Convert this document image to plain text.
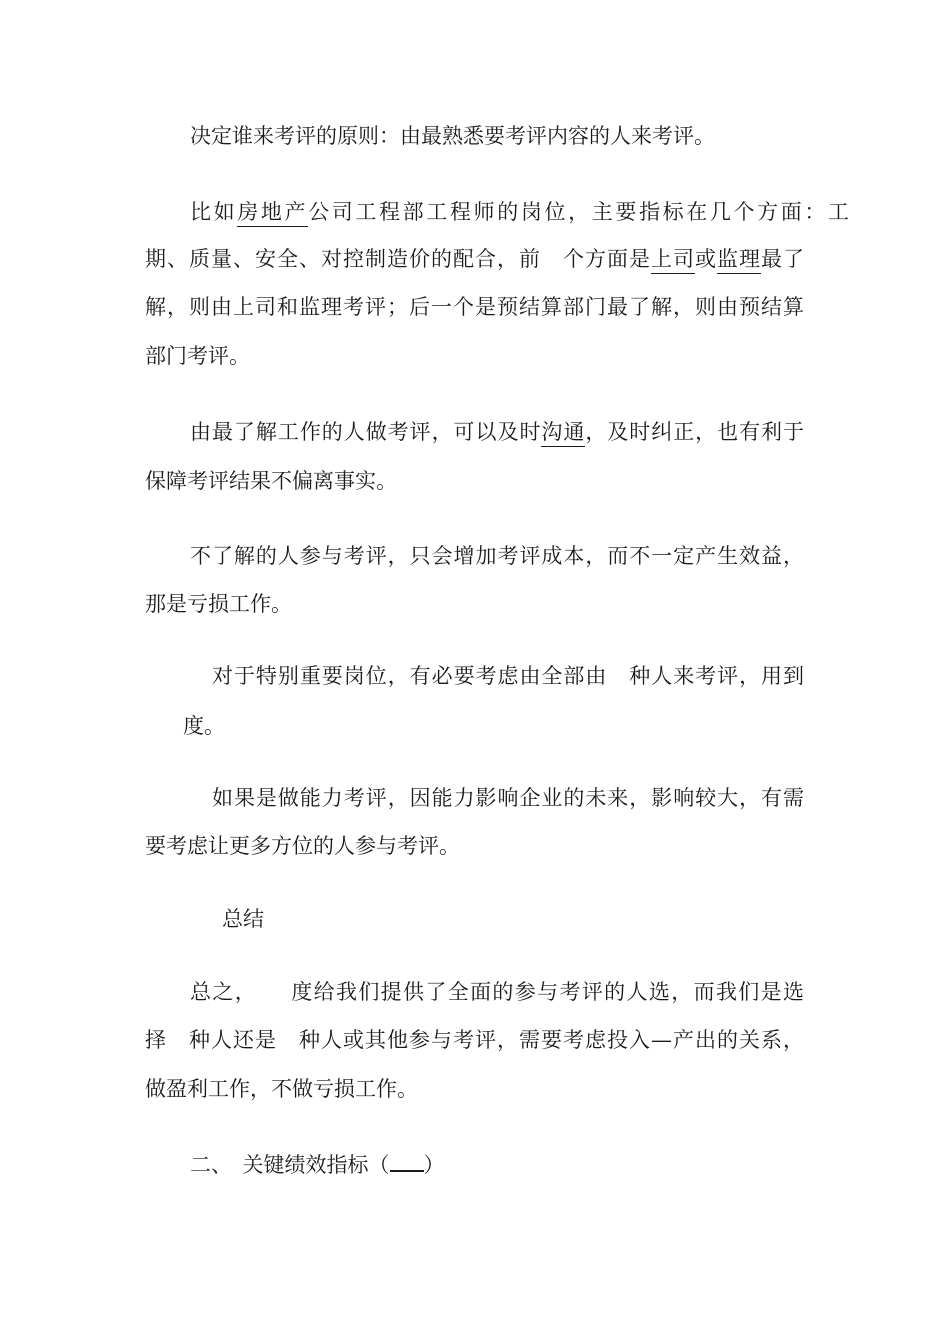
决定谁来考评的原则：由最熟悉要考评内容的人来考评。
比如房地产公司工程部工程师的岗位，主要指标在几个方面：工
期、质量、安全、对控制造价的配合，前　个方面是上司或监理最了
解，则由上司和监理考评；后一个是预结算部门最了解，则由预结算
部门考评。
由最了解工作的人做考评，可以及时沟通，及时纠正，也有利于
保障考评结果不偏离事实。
不了解的人参与考评，只会增加考评成本，而不一定产生效益，
那是亏损工作。
对于特别重要岗位，有必要考虑由全部由　种人来考评，用到
度。
如果是做能力考评，因能力影响企业的未来，影响较大，有需
要考虑让更多方位的人参与考评。
总结
总之，　　度给我们提供了全面的参与考评的人选，而我们是选
择　种人还是　种人或其他参与考评，需要考虑投入—产出的关系，
做盈利工作，不做亏损工作。
二、　关键绩效指标（ ）
